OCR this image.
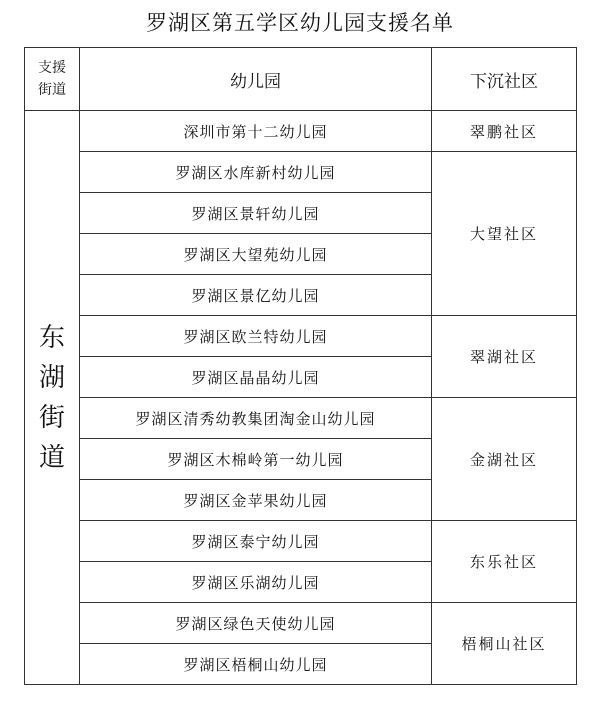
罗湖区第五学区幼儿园支援名单
支援
街道	幼儿园	下沉社区

东
湖
街
道	深圳市第十二幼儿园	翠鹏社区
	罗湖区水库新村幼儿园	大望社区
	罗湖区景轩幼儿园	
	罗湖区大望苑幼儿园	
	罗湖区景亿幼儿园	
	罗湖区欧兰特幼儿园	翠湖社区
	罗湖区晶晶幼儿园	
	罗湖区清秀幼教集团淘金山幼儿园	金湖社区
	罗湖区木棉岭第一幼儿园	
	罗湖区金苹果幼儿园	
	罗湖区泰宁幼儿园	东乐社区
	罗湖区乐湖幼儿园	
	罗湖区绿色天使幼儿园	梧桐山社区
	罗湖区梧桐山幼儿园	
